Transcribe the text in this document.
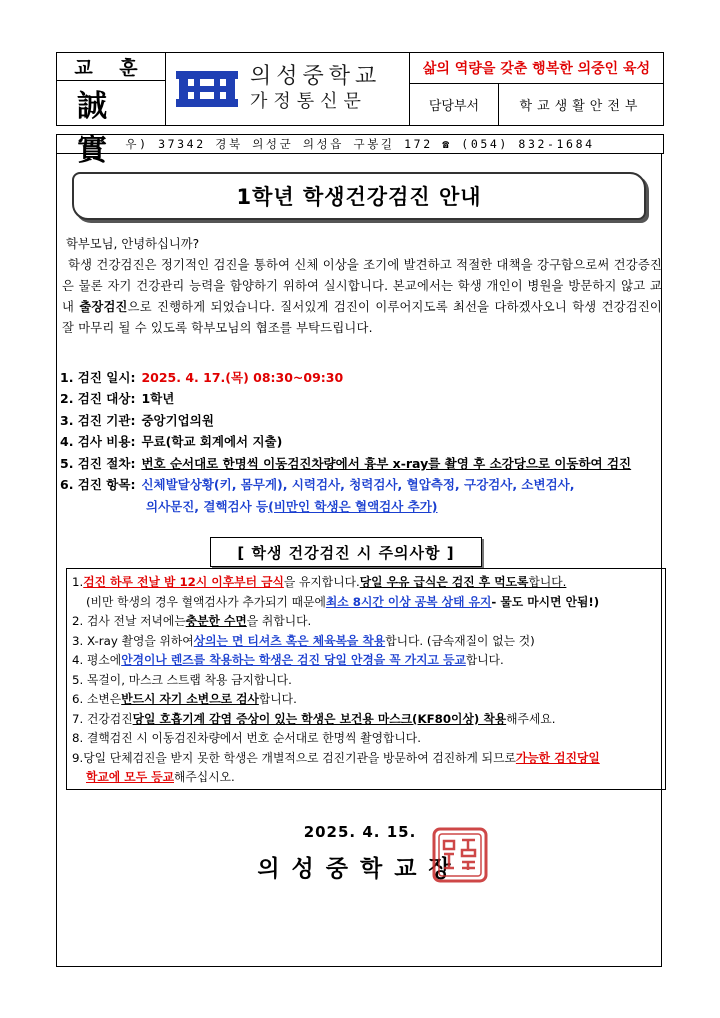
교 훈
誠 實
의성중학교
가정통신문
삶의 역량을 갖춘 행복한 의중인 육성
담당부서	학교생활안전부
우) 37342 경북 의성군 의성읍 구봉길 172 ☎ (054) 832-1684
1학년 학생건강검진 안내

학부모님, 안녕하십니까?

학생 건강검진은 정기적인 검진을 통하여 신체 이상을 조기에 발견하고 적절한 대책을 강구함으로써 건강증진은 물론 자기 건강관리 능력을 함양하기 위하여 실시합니다. 본교에서는 학생 개인이 병원을 방문하지 않고 교내 출장검진으로 진행하게 되었습니다. 질서있게 검진이 이루어지도록 최선을 다하겠사오니 학생 건강검진이 잘 마무리 될 수 있도록 학부모님의 협조를 부탁드립니다.

1. 검진 일시: 2025. 4. 17.(목) 08:30~09:30
2. 검진 대상: 1학년
3. 검진 기관: 중앙기업의원
4. 검사 비용: 무료(학교 회계에서 지출)
5. 검진 절차: 번호 순서대로 한명씩 이동검진차량에서 흉부 x-ray를 촬영 후 소강당으로 이동하여 검진
6. 검진 항목: 신체발달상황(키, 몸무게), 시력검사, 청력검사, 혈압측정, 구강검사, 소변검사,
의사문진, 결핵검사 등 (비만인 학생은 혈액검사 추가)
[ 학생 건강검진 시 주의사항 ]
1. 검진 하루 전날 밤 12시 이후부터 금식 을 유지합니다. 당일 우유 급식은 검진 후 먹도록 합니다.
(비만 학생의 경우 혈액검사가 추가되기 때문에 최소 8시간 이상 공복 상태 유지 - 물도 마시면 안됨!)
2. 검사 전날 저녁에는 충분한 수면 을 취합니다.
3. X-ray 촬영을 위하여 상의는 면 티셔츠 혹은 체육복을 착용 합니다. (금속재질이 없는 것)
4. 평소에 안경이나 렌즈를 착용하는 학생은 검진 당일 안경을 꼭 가지고 등교 합니다.
5. 목걸이, 마스크 스트랩 착용 금지합니다.
6. 소변은 반드시 자기 소변으로 검사 합니다.
7. 건강검진 당일 호흡기계 감염 증상이 있는 학생은 보건용 마스크(KF80이상) 착용 해주세요.
8. 결핵검진 시 이동검진차량에서 번호 순서대로 한명씩 촬영합니다.
9.당일 단체검진을 받지 못한 학생은 개별적으로 검진기관을 방문하여 검진하게 되므로 가능한 검진당일
학교에 모두 등교 해주십시오.
2025. 4. 15.
의성중학교장
